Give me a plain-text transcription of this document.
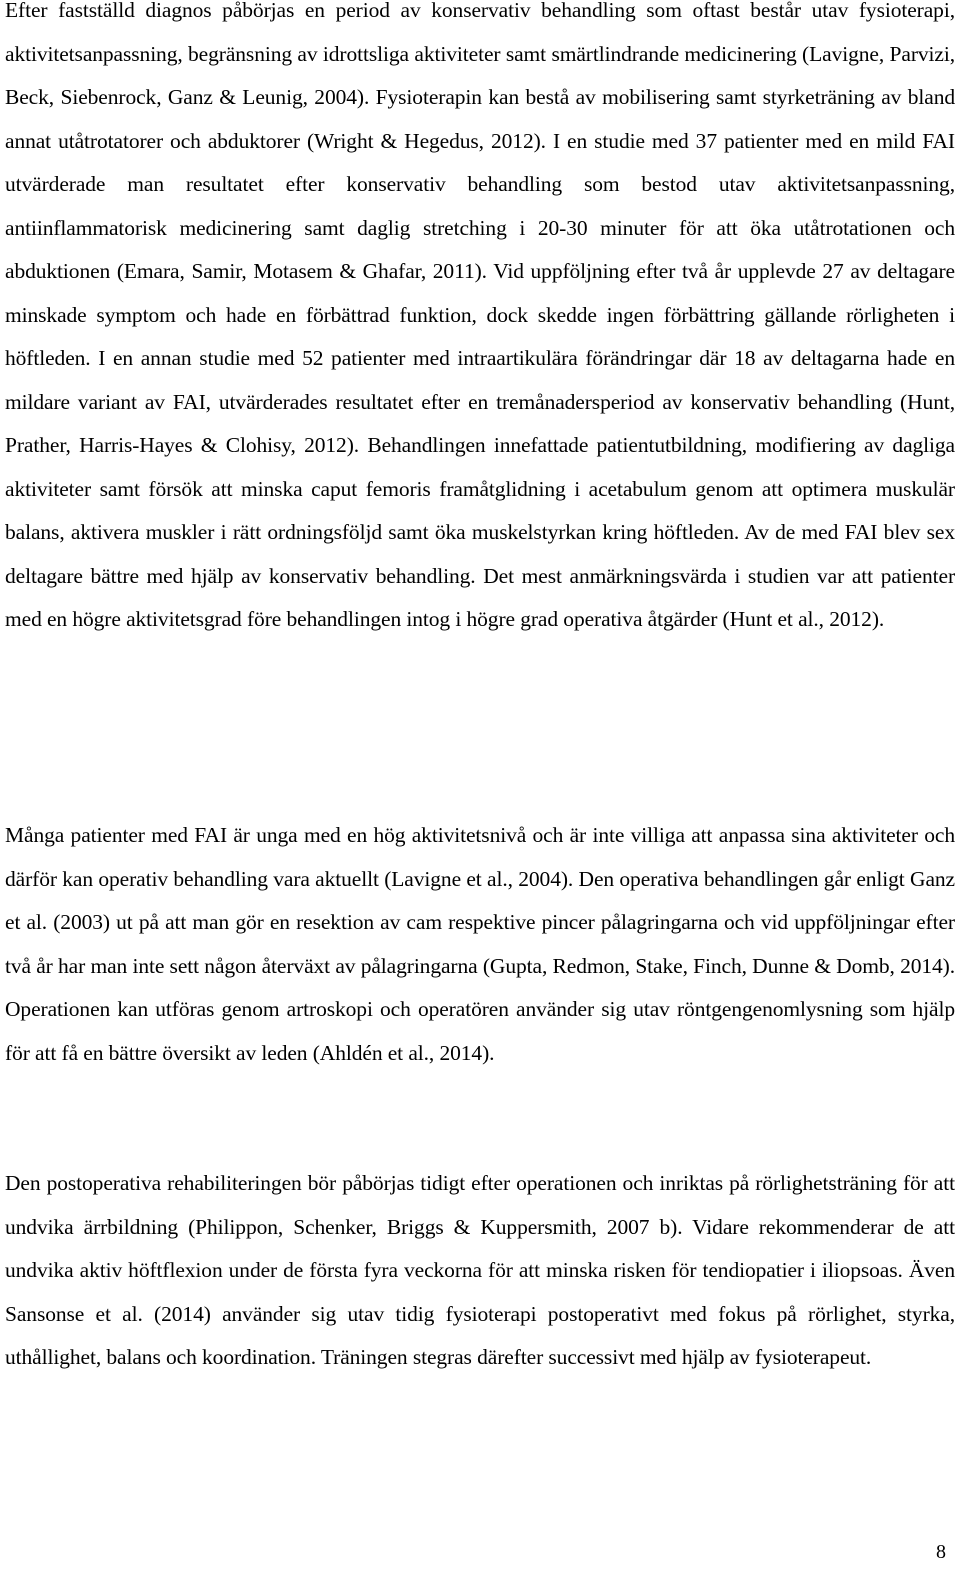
Efter fastställd diagnos påbörjas en period av konservativ behandling som oftast består utav fysioterapi, aktivitetsanpassning, begränsning av idrottsliga aktiviteter samt smärtlindrande medicinering (Lavigne, Parvizi, Beck, Siebenrock, Ganz & Leunig, 2004). Fysioterapin kan bestå av mobilisering samt styrketräning av bland annat utåtrotatorer och abduktorer (Wright & Hegedus, 2012). I en studie med 37 patienter med en mild FAI utvärderade man resultatet efter konservativ behandling som bestod utav aktivitetsanpassning, antiinflammatorisk medicinering samt daglig stretching i 20-30 minuter för att öka utåtrotationen och abduktionen (Emara, Samir, Motasem & Ghafar, 2011). Vid uppföljning efter två år upplevde 27 av deltagare minskade symptom och hade en förbättrad funktion, dock skedde ingen förbättring gällande rörligheten i höftleden. I en annan studie med 52 patienter med intraartikulära förändringar där 18 av deltagarna hade en mildare variant av FAI, utvärderades resultatet efter en tremånadersperiod av konservativ behandling (Hunt, Prather, Harris-Hayes & Clohisy, 2012). Behandlingen innefattade patientutbildning, modifiering av dagliga aktiviteter samt försök att minska caput femoris framåtglidning i acetabulum genom att optimera muskulär balans, aktivera muskler i rätt ordningsföljd samt öka muskelstyrkan kring höftleden. Av de med FAI blev sex deltagare bättre med hjälp av konservativ behandling. Det mest anmärkningsvärda i studien var att patienter med en högre aktivitetsgrad före behandlingen intog i högre grad operativa åtgärder (Hunt et al., 2012).

Många patienter med FAI är unga med en hög aktivitetsnivå och är inte villiga att anpassa sina aktiviteter och därför kan operativ behandling vara aktuellt (Lavigne et al., 2004). Den operativa behandlingen går enligt Ganz et al. (2003) ut på att man gör en resektion av cam respektive pincer pålagringarna och vid uppföljningar efter två år har man inte sett någon återväxt av pålagringarna (Gupta, Redmon, Stake, Finch, Dunne & Domb, 2014). Operationen kan utföras genom artroskopi och operatören använder sig utav röntgengenomlysning som hjälp för att få en bättre översikt av leden (Ahldén et al., 2014).

Den postoperativa rehabiliteringen bör påbörjas tidigt efter operationen och inriktas på rörlighetsträning för att undvika ärrbildning (Philippon, Schenker, Briggs & Kuppersmith, 2007 b). Vidare rekommenderar de att undvika aktiv höftflexion under de första fyra veckorna för att minska risken för tendiopatier i iliopsoas. Även Sansonse et al. (2014) använder sig utav tidig fysioterapi postoperativt med fokus på rörlighet, styrka, uthållighet, balans och koordination. Träningen stegras därefter successivt med hjälp av fysioterapeut.

8
